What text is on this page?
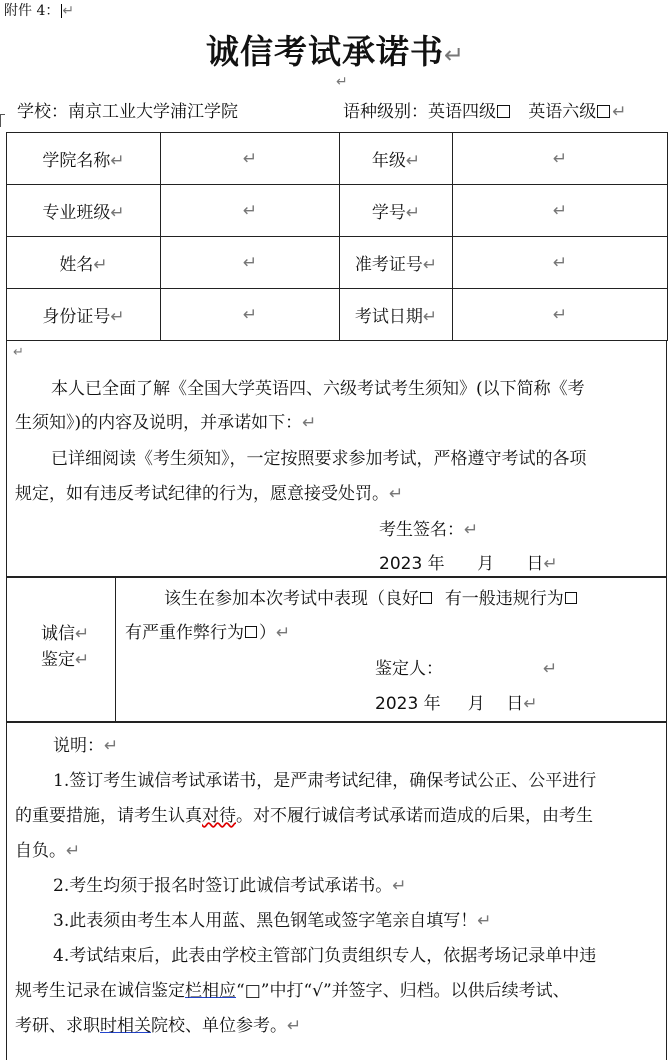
附件 4： ↵
诚信考试承诺书↵
↵
学校：南京工业大学浦江学院	语种级别：英语四级 英语六级 ↵
学院名称↵	↵	年级↵	↵
专业班级↵	↵	学号↵	↵
姓名↵	↵	准考证号↵	↵
身份证号↵	↵	考试日期↵	↵
↵
本人已全面了解《全国大学英语四、六级考试考生须知》(以下简称《考
生须知》)的内容及说明，并承诺如下：↵
已详细阅读《考生须知》，一定按照要求参加考试，严格遵守考试的各项
规定，如有违反考试纪律的行为，愿意接受处罚。↵
考生签名：↵
2023 年 月 日↵
诚信↵
鉴定↵
该生在参加本次考试中表现（良好 有一般违规行为
有严重作弊行为 ）↵
鉴定人：	↵
2023 年 月 日↵
说明：↵
1.签订考生诚信考试承诺书，是严肃考试纪律，确保考试公正、公平进行
的重要措施，请考生认真对待。对不履行诚信考试承诺而造成的后果，由考生
自负。↵
2.考生均须于报名时签订此诚信考试承诺书。↵
3.此表须由考生本人用蓝、黑色钢笔或签字笔亲自填写！↵
4.考试结束后，此表由学校主管部门负责组织专人，依据考场记录单中违
规考生记录在诚信鉴定栏相应“□”中打“√”并签字、归档。以供后续考试、
考研、求职时相关院校、单位参考。↵
